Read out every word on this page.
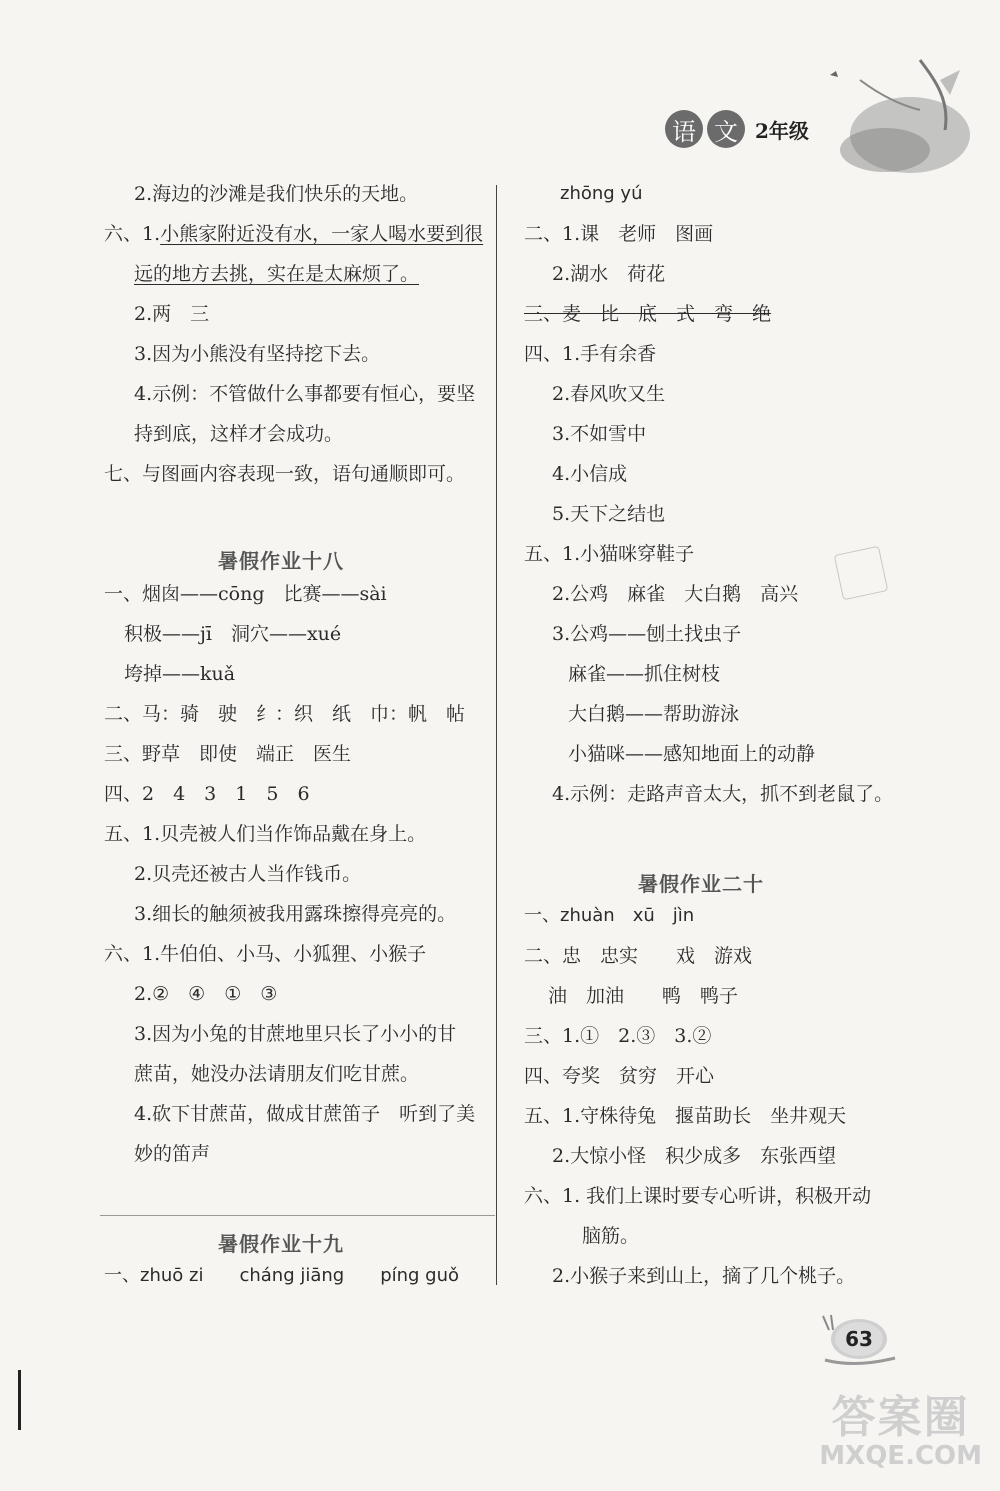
语 文 2年级
2.海边的沙滩是我们快乐的天地。
六、1.小熊家附近没有水，一家人喝水要到很
远的地方去挑，实在是太麻烦了。
2.两　三
3.因为小熊没有坚持挖下去。
4.示例：不管做什么事都要有恒心，要坚
持到底，这样才会成功。
七、与图画内容表现一致，语句通顺即可。
暑假作业十八
一、烟囱——cōng　比赛——sài
积极——jī　洞穴——xué
垮掉——kuǎ
二、马：骑　驶　纟：织　纸　巾：帆　帖
三、野草　即使　端正　医生
四、2　4　3　1　5　6
五、1.贝壳被人们当作饰品戴在身上。
2.贝壳还被古人当作钱币。
3.细长的触须被我用露珠擦得亮亮的。
六、1.牛伯伯、小马、小狐狸、小猴子
2.②　④　①　③
3.因为小兔的甘蔗地里只长了小小的甘
蔗苗，她没办法请朋友们吃甘蔗。
4.砍下甘蔗苗，做成甘蔗笛子　听到了美
妙的笛声
暑假作业十九
一、zhuō zi　　cháng jiāng　　píng guǒ
zhōng yú
二、1.课　老师　图画
2.湖水　荷花
三、麦　比　底　式　弯　绝
四、1.手有余香
2.春风吹又生
3.不如雪中
4.小信成
5.天下之结也
五、1.小猫咪穿鞋子
2.公鸡　麻雀　大白鹅　高兴
3.公鸡——刨土找虫子
麻雀——抓住树枝
大白鹅——帮助游泳
小猫咪——感知地面上的动静
4.示例：走路声音太大，抓不到老鼠了。
暑假作业二十
一、zhuàn　xū　jìn
二、忠　忠实　　戏　游戏
油　加油　　鸭　鸭子
三、1.①　2.③　3.②
四、夸奖　贫穷　开心
五、1.守株待兔　揠苗助长　坐井观天
2.大惊小怪　积少成多　东张西望
六、1. 我们上课时要专心听讲，积极开动
脑筋。
2.小猴子来到山上，摘了几个桃子。
63
答案圈
MXQE.COM
